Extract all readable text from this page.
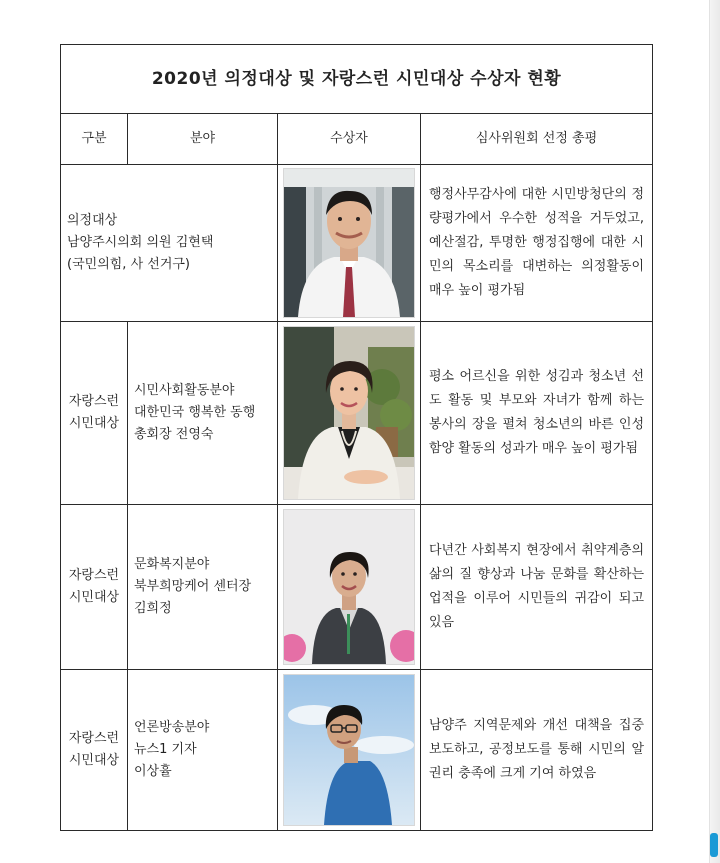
2020년 의정대상 및 자랑스런 시민대상 수상자 현황			
구분	분야	수상자	심사위원회 선정 총평

의정대상
남양주시의회 의원 김현택
(국민의힘, 사 선거구)			행정사무감사에 대한 시민방청단의 정량평가에서 우수한 성적을 거두었고, 예산절감, 투명한 행정집행에 대한 시민의 목소리를 대변하는 의정활동이 매우 높이 평가됨

자랑스런
시민대상	시민사회활동분야
대한민국 행복한 동행
총회장 전영숙		평소 어르신을 위한 성김과 청소년 선도 활동 및 부모와 자녀가 함께 하는 봉사의 장을 펼쳐 청소년의 바른 인성 함양 활동의 성과가 매우 높이 평가됨

자랑스런
시민대상	문화복지분야
북부희망케어 센터장
김희정		다년간 사회복지 현장에서 취약계층의 삶의 질 향상과 나눔 문화를 확산하는 업적을 이루어 시민들의 귀감이 되고 있음

자랑스런
시민대상	언론방송분야
뉴스1 기자
이상휼		남양주 지역문제와 개선 대책을 집중보도하고, 공정보도를 통해 시민의 알권리 충족에 크게 기여 하였음
